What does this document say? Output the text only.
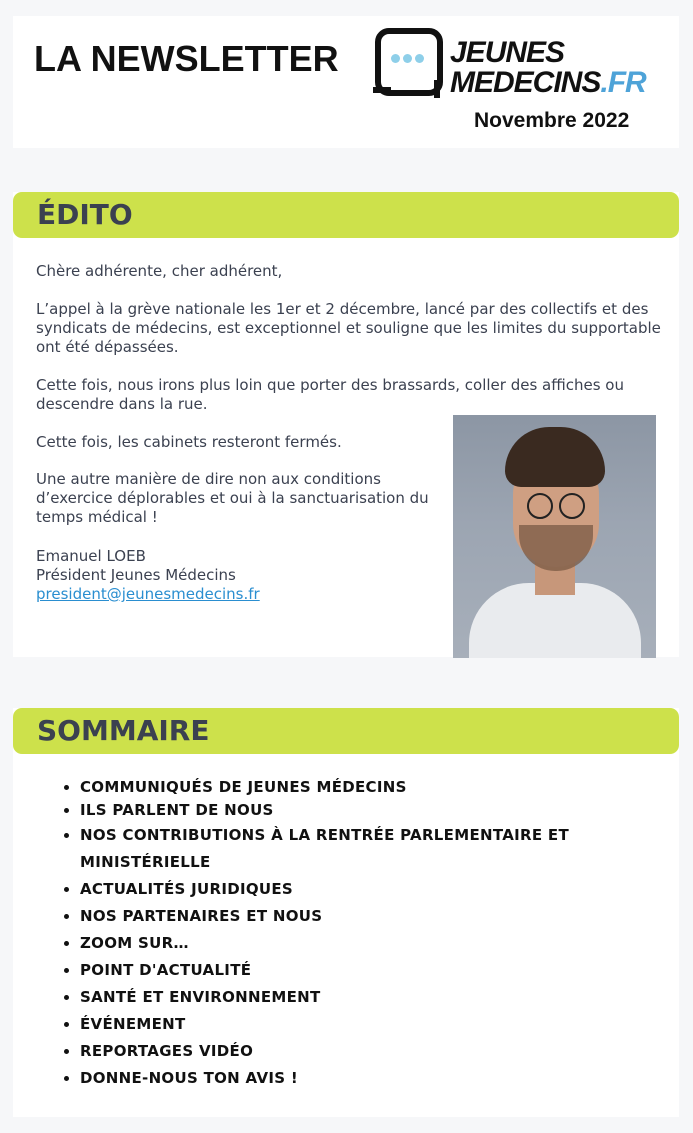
LA NEWSLETTER	JEUNES
MEDECINS.FR
Novembre 2022
ÉDITO

Chère adhérente, cher adhérent,

L’appel à la grève nationale les 1er et 2 décembre, lancé par des collectifs et des syndicats de médecins, est exceptionnel et souligne que les limites du supportable ont été dépassées.

Cette fois, nous irons plus loin que porter des brassards, coller des affiches ou descendre dans la rue.

Cette fois, les cabinets resteront fermés.

Une autre manière de dire non aux conditions d’exercice déplorables et oui à la sanctuarisation du temps médical !

Emanuel LOEB
Président Jeunes Médecins
president@jeunesmedecins.fr

SOMMAIRE
• COMMUNIQUÉS DE JEUNES MÉDECINS
• ILS PARLENT DE NOUS
• NOS CONTRIBUTIONS À LA RENTRÉE PARLEMENTAIRE ET MINISTÉRIELLE
• ACTUALITÉS JURIDIQUES
• NOS PARTENAIRES ET NOUS
• ZOOM SUR…
• POINT D'ACTUALITÉ
• SANTÉ ET ENVIRONNEMENT
• ÉVÉNEMENT
• REPORTAGES VIDÉO
• DONNE-NOUS TON AVIS !
